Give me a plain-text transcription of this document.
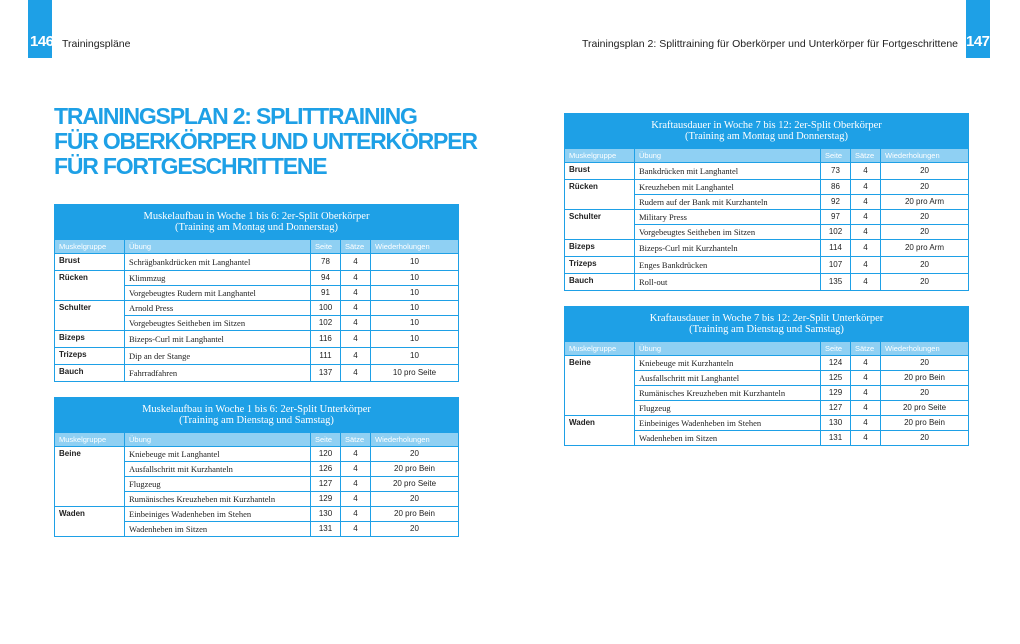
146 Trainingspläne	147
Trainingsplan 2: Splittraining für Oberkörper und Unterkörper für Fortgeschrittene
TRAININGSPLAN 2: SPLITTRAINING
FÜR OBERKÖRPER UND UNTERKÖRPER
FÜR FORTGESCHRITTENE
Muskelaufbau in Woche 1 bis 6: 2er-Split Oberkörper
(Training am Montag und Donnerstag)				

Muskelgruppe	Übung	Seite	Sätze	Wiederholungen
Brust	Schrägbankdrücken mit Langhantel	78	4	10
Rücken	Klimmzug	94	4	10
	Vorgebeugtes Rudern mit Langhantel	91	4	10
Schulter	Arnold Press	100	4	10
	Vorgebeugtes Seitheben im Sitzen	102	4	10
Bizeps	Bizeps-Curl mit Langhantel	116	4	10
Trizeps	Dip an der Stange	111	4	10
Bauch	Fahrradfahren	137	4	10 pro Seite
Muskelaufbau in Woche 1 bis 6: 2er-Split Unterkörper
(Training am Dienstag und Samstag)				

Muskelgruppe	Übung	Seite	Sätze	Wiederholungen
Beine	Kniebeuge mit Langhantel	120	4	20
	Ausfallschritt mit Kurzhanteln	126	4	20 pro Bein
	Flugzeug	127	4	20 pro Seite
	Rumänisches Kreuzheben mit Kurzhanteln	129	4	20
Waden	Einbeiniges Wadenheben im Stehen	130	4	20 pro Bein
	Wadenheben im Sitzen	131	4	20
Kraftausdauer in Woche 7 bis 12: 2er-Split Oberkörper
(Training am Montag und Donnerstag)				

Muskelgruppe	Übung	Seite	Sätze	Wiederholungen
Brust	Bankdrücken mit Langhantel	73	4	20
Rücken	Kreuzheben mit Langhantel	86	4	20
	Rudern auf der Bank mit Kurzhanteln	92	4	20 pro Arm
Schulter	Military Press	97	4	20
	Vorgebeugtes Seitheben im Sitzen	102	4	20
Bizeps	Bizeps-Curl mit Kurzhanteln	114	4	20 pro Arm
Trizeps	Enges Bankdrücken	107	4	20
Bauch	Roll-out	135	4	20
Kraftausdauer in Woche 7 bis 12: 2er-Split Unterkörper
(Training am Dienstag und Samstag)				

Muskelgruppe	Übung	Seite	Sätze	Wiederholungen
Beine	Kniebeuge mit Kurzhanteln	124	4	20
	Ausfallschritt mit Langhantel	125	4	20 pro Bein
	Rumänisches Kreuzheben mit Kurzhanteln	129	4	20
	Flugzeug	127	4	20 pro Seite
Waden	Einbeiniges Wadenheben im Stehen	130	4	20 pro Bein
	Wadenheben im Sitzen	131	4	20
